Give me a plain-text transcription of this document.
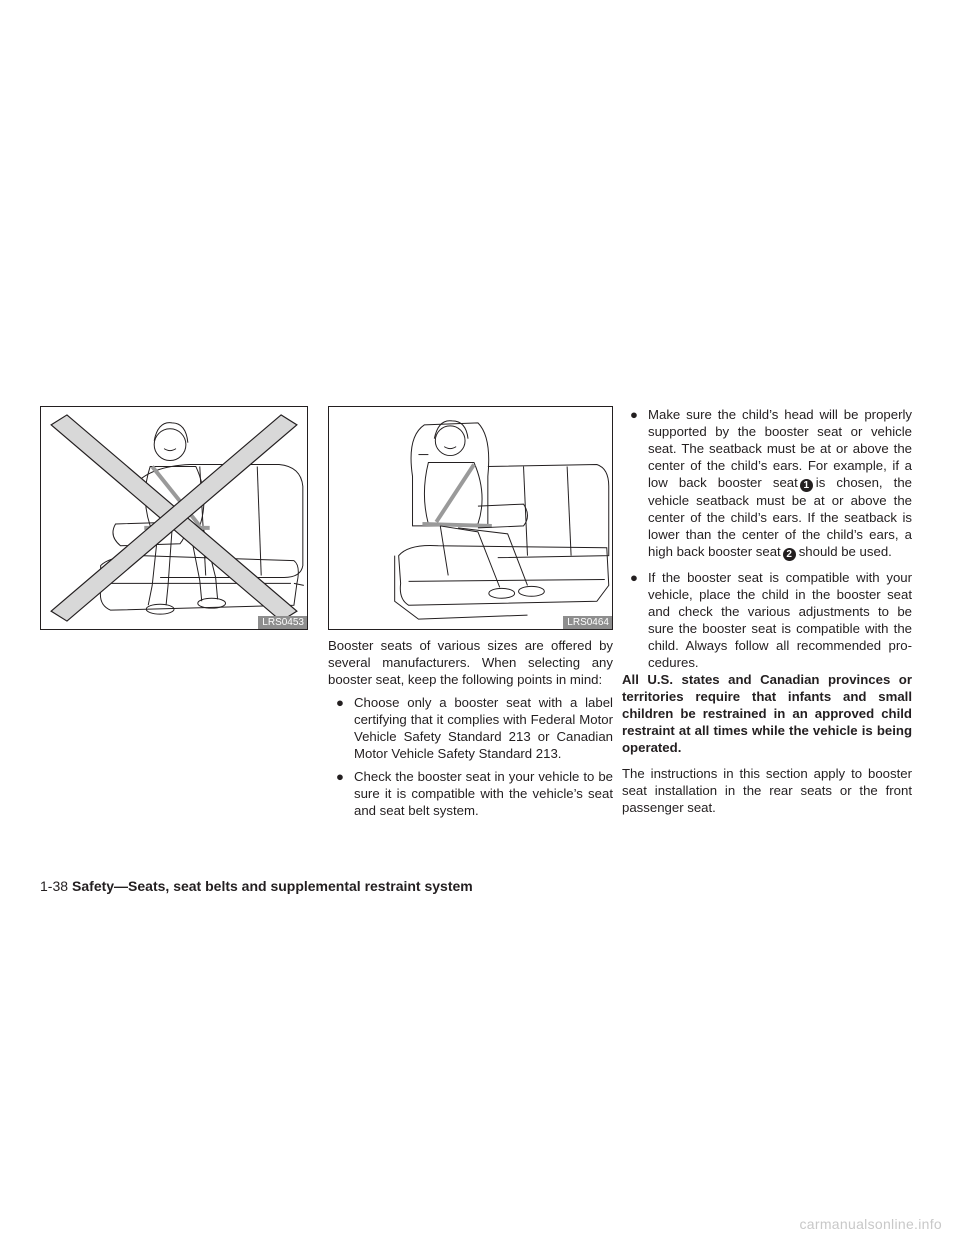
LRS0453	LRS0464

Booster seats of various sizes are offered by several manufacturers. When selecting any booster seat, keep the following points in mind:

● Choose only a booster seat with a label certifying that it complies with Federal Motor Vehicle Safety Standard 213 or Canadian Motor Vehicle Safety Standard 213.
● Check the booster seat in your vehicle to be sure it is compatible with the vehicle’s seat and seat belt system.
● Make sure the child’s head will be properly supported by the booster seat or vehicle seat. The seatback must be at or above the center of the child’s ears. For example, if a low back booster seat 1 is chosen, the vehicle seatback must be at or above the center of the child’s ears. If the seatback is lower than the center of the child’s ears, a high back booster seat 2 should be used.
● If the booster seat is compatible with your vehicle, place the child in the booster seat and check the various adjustments to be sure the booster seat is compatible with the child. Always follow all recommended pro-cedures.

All U.S. states and Canadian provinces or territories require that infants and small children be restrained in an approved child restraint at all times while the vehicle is being operated.

The instructions in this section apply to booster seat installation in the rear seats or the front passenger seat.

1-38 Safety—Seats, seat belts and supplemental restraint system
carmanualsonline.info
